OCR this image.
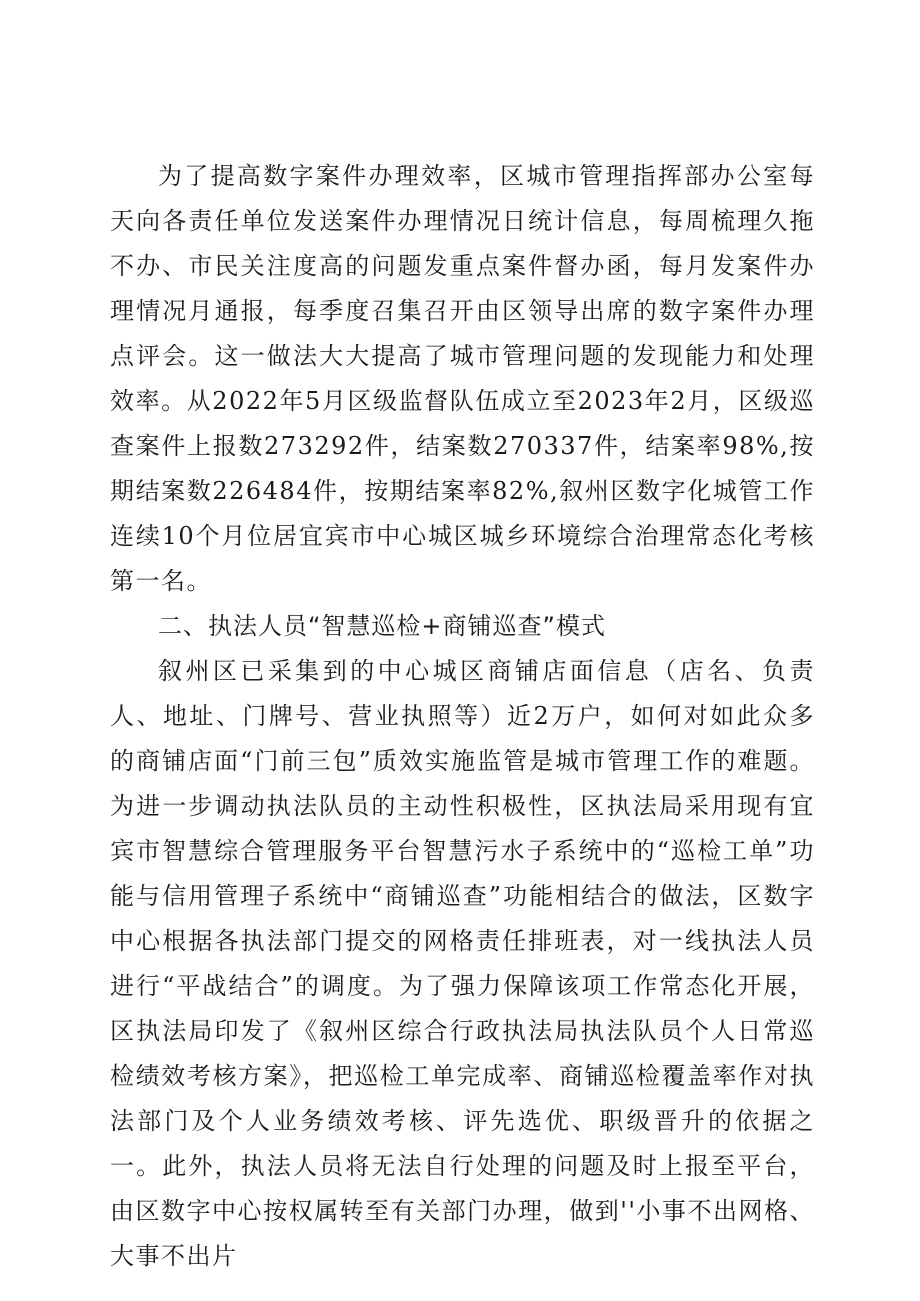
为了提高数字案件办理效率，区城市管理指挥部办公室每天向各责任单位发送案件办理情况日统计信息，每周梳理久拖不办、市民关注度高的问题发重点案件督办函，每月发案件办理情况月通报，每季度召集召开由区领导出席的数字案件办理点评会。这一做法大大提高了城市管理问题的发现能力和处理效率。从2022年5月区级监督队伍成立至2023年2月，区级巡查案件上报数273292件，结案数270337件，结案率98%,按期结案数226484件，按期结案率82%,叙州区数字化城管工作连续10个月位居宜宾市中心城区城乡环境综合治理常态化考核第一名。

二、执法人员“智慧巡检+商铺巡查”模式

叙州区已采集到的中心城区商铺店面信息（店名、负责人、地址、门牌号、营业执照等）近2万户，如何对如此众多的商铺店面“门前三包”质效实施监管是城市管理工作的难题。为进一步调动执法队员的主动性积极性，区执法局采用现有宜宾市智慧综合管理服务平台智慧污水子系统中的“巡检工单”功能与信用管理子系统中“商铺巡查”功能相结合的做法，区数字中心根据各执法部门提交的网格责任排班表，对一线执法人员进行“平战结合”的调度。为了强力保障该项工作常态化开展，区执法局印发了《叙州区综合行政执法局执法队员个人日常巡检绩效考核方案》，把巡检工单完成率、商铺巡检覆盖率作对执法部门及个人业务绩效考核、评先选优、职级晋升的依据之一。此外，执法人员将无法自行处理的问题及时上报至平台，由区数字中心按权属转至有关部门办理，做到''小事不出网格、大事不出片
